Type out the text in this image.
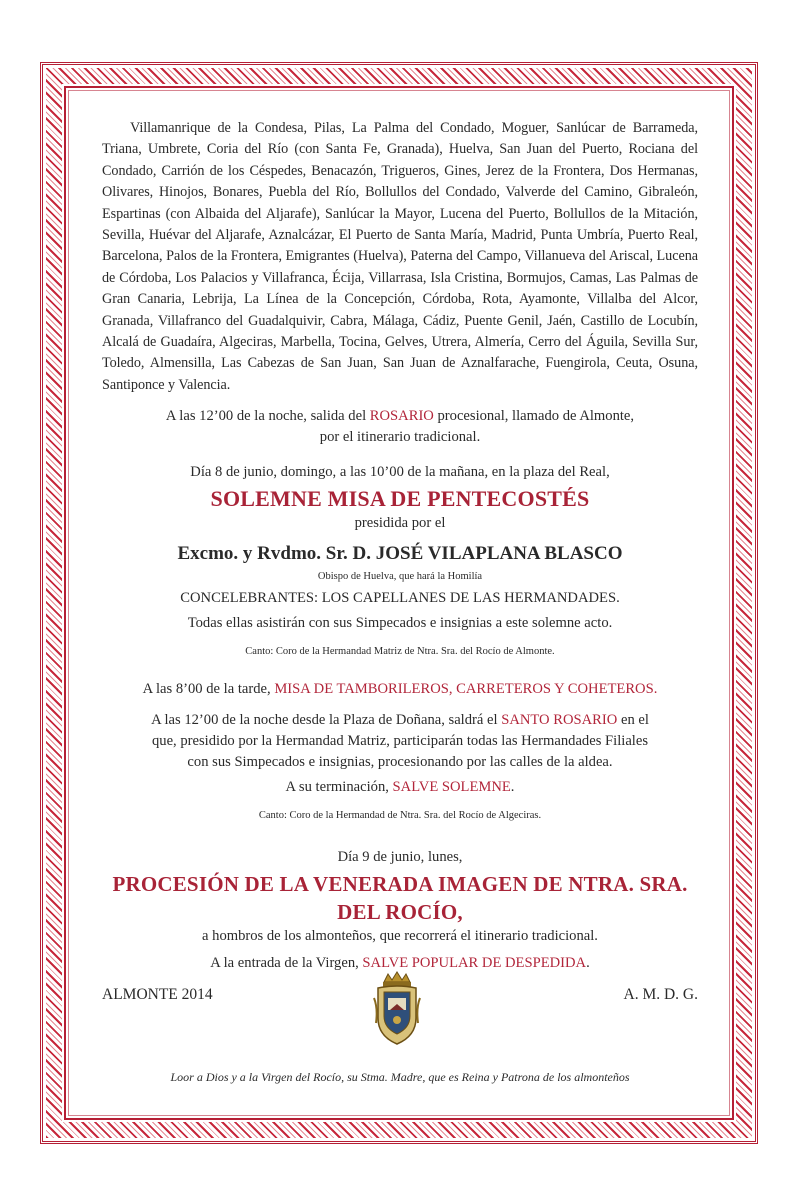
Villamanrique de la Condesa, Pilas, La Palma del Condado, Moguer, Sanlúcar de Barrameda, Triana, Umbrete, Coria del Río (con Santa Fe, Granada), Huelva, San Juan del Puerto, Rociana del Condado, Carrión de los Céspedes, Benacazón, Trigueros, Gines, Jerez de la Frontera, Dos Hermanas, Olivares, Hinojos, Bonares, Puebla del Río, Bollullos del Condado, Valverde del Camino, Gibraleón, Espartinas (con Albaida del Aljarafe), Sanlúcar la Mayor, Lucena del Puerto, Bollullos de la Mitación, Sevilla, Huévar del Aljarafe, Aznalcázar, El Puerto de Santa María, Madrid, Punta Umbría, Puerto Real, Barcelona, Palos de la Frontera, Emigrantes (Huelva), Paterna del Campo, Villanueva del Ariscal, Lucena de Córdoba, Los Palacios y Villafranca, Écija, Villarrasa, Isla Cristina, Bormujos, Camas, Las Palmas de Gran Canaria, Lebrija, La Línea de la Concepción, Córdoba, Rota, Ayamonte, Villalba del Alcor, Granada, Villafranco del Guadalquivir, Cabra, Málaga, Cádiz, Puente Genil, Jaén, Castillo de Locubín, Alcalá de Guadaíra, Algeciras, Marbella, Tocina, Gelves, Utrera, Almería, Cerro del Águila, Sevilla Sur, Toledo, Almensilla, Las Cabezas de San Juan, San Juan de Aznalfarache, Fuengirola, Ceuta, Osuna, Santiponce y Valencia.

A las 12’00 de la noche, salida del ROSARIO procesional, llamado de Almonte,

por el itinerario tradicional.

Día 8 de junio, domingo, a las 10’00 de la mañana, en la plaza del Real,

SOLEMNE MISA DE PENTECOSTÉS

presidida por el

Excmo. y Rvdmo. Sr. D. JOSÉ VILAPLANA BLASCO

Obispo de Huelva, que hará la Homilía

CONCELEBRANTES: LOS CAPELLANES DE LAS HERMANDADES.

Todas ellas asistirán con sus Simpecados e insignias a este solemne acto.

Canto: Coro de la Hermandad Matriz de Ntra. Sra. del Rocío de Almonte.

A las 8’00 de la tarde, MISA DE TAMBORILEROS, CARRETEROS Y COHETEROS.

A las 12’00 de la noche desde la Plaza de Doñana, saldrá el SANTO ROSARIO en el

que, presidido por la Hermandad Matriz, participarán todas las Hermandades Filiales

con sus Simpecados e insignias, procesionando por las calles de la aldea.

A su terminación, SALVE SOLEMNE.

Canto: Coro de la Hermandad de Ntra. Sra. del Rocío de Algeciras.

Día 9 de junio, lunes,

PROCESIÓN DE LA VENERADA IMAGEN DE NTRA. SRA. DEL ROCÍO,

a hombros de los almonteños, que recorrerá el itinerario tradicional.

A la entrada de la Virgen, SALVE POPULAR DE DESPEDIDA.

ALMONTE 2014	A. M. D. G.
Loor a Dios y a la Virgen del Rocío, su Stma. Madre, que es Reina y Patrona de los almonteños
